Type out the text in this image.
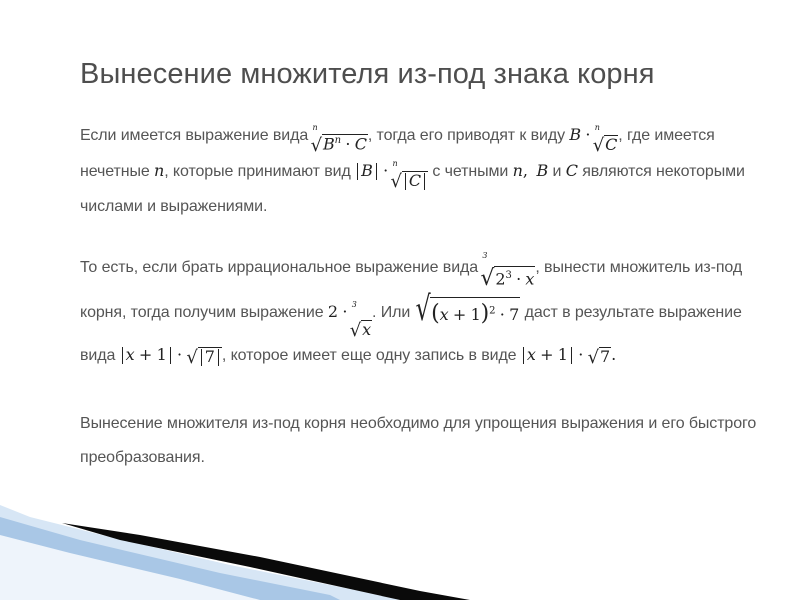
Вынесение множителя из-под знака корня

Если имеется выражение вида n
√ $B^n \cdot C$ , тогда его приводят к виду B · n
√ C , где имеется

нечетные n, которые принимают вид B · n
√ C с четными n, B и C являются некоторыми

числами и выражениями.

То есть, если брать иррациональное выражение вида
3
√ $2^3 \cdot x$
, вынести множитель из-под

корня, тогда получим выражение 2 · 3
√ x
. Или √ $(x + 1)^2 \cdot 7$ даст в результате выражение

вида x + 1 · √ 7 , которое имеет еще одну запись в виде x + 1 · √ 7 .

Вынесение множителя из-под корня необходимо для упрощения выражения и его быстрого

преобразования.
